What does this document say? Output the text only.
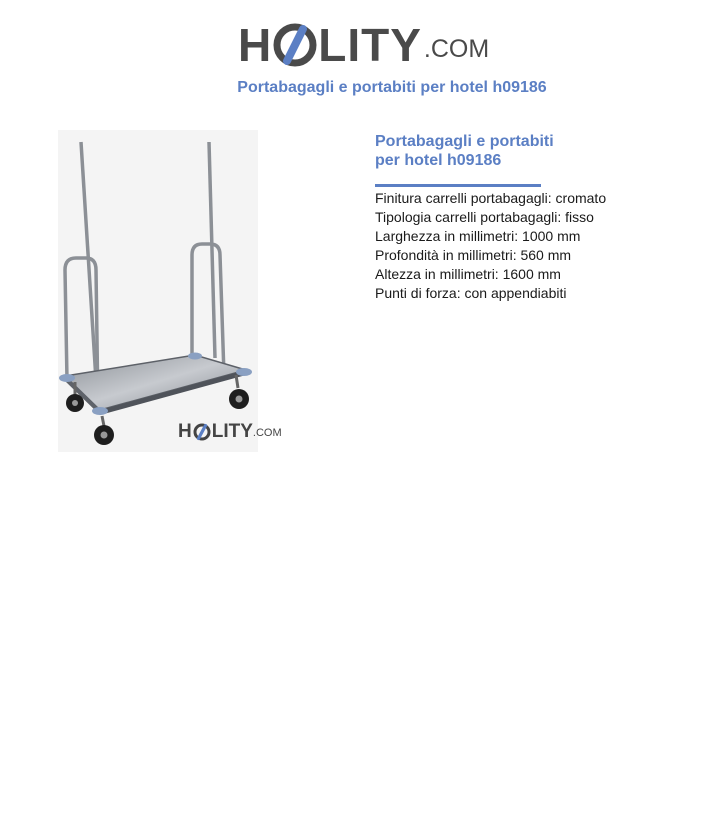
H LITY .COM
Portabagagli e portabiti per hotel h09186
H LITY .COM
Portabagagli e portabiti
per hotel h09186
Finitura carrelli portabagagli: cromato
Tipologia carrelli portabagagli: fisso
Larghezza in millimetri: 1000 mm
Profondità in millimetri: 560 mm
Altezza in millimetri: 1600 mm
Punti di forza: con appendiabiti
